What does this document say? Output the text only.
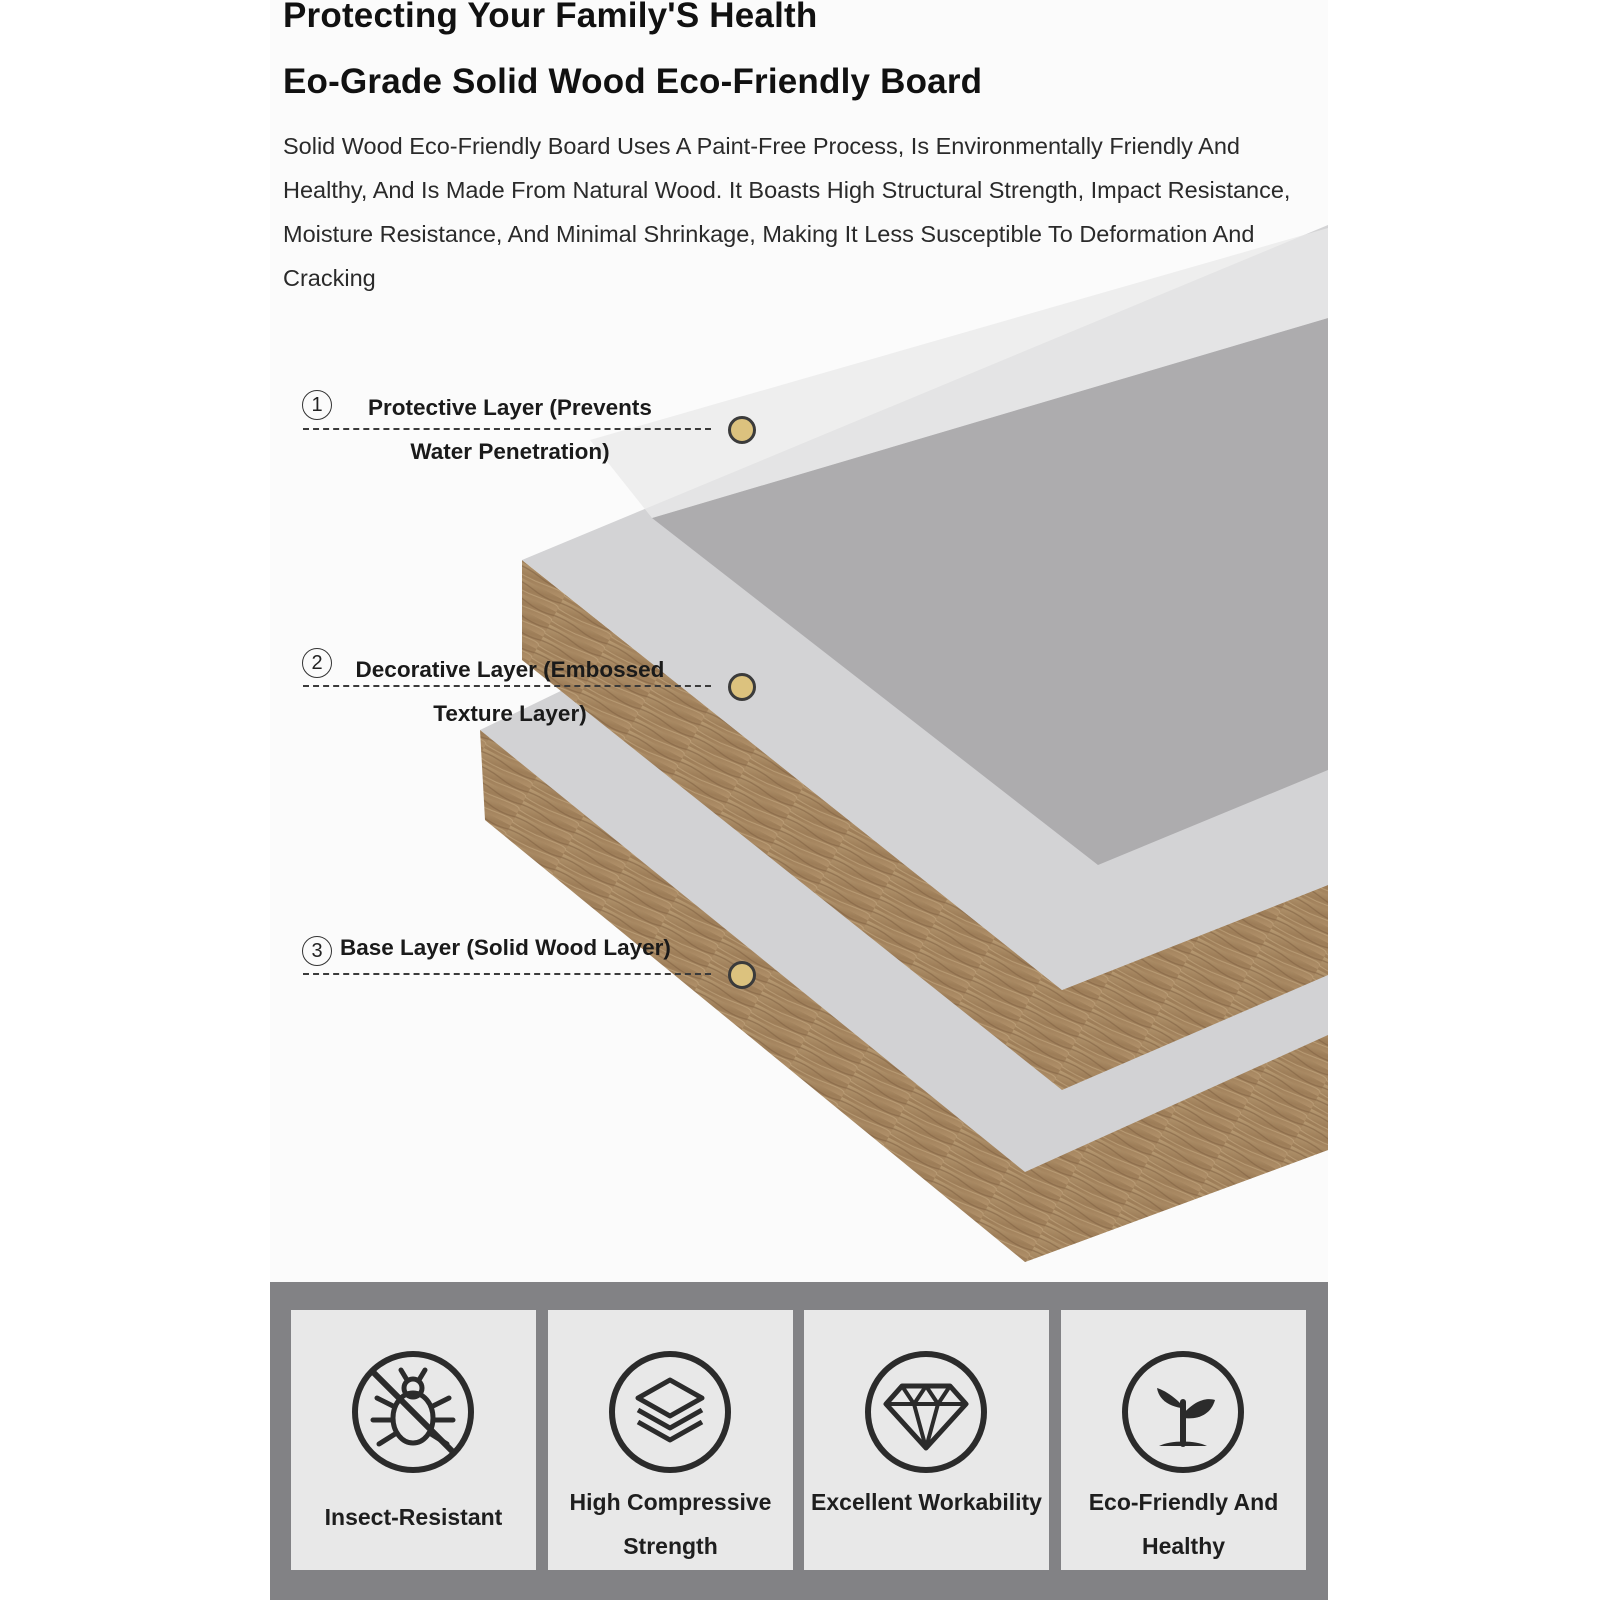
Protecting Your Family'S Health
Eo-Grade Solid Wood Eco-Friendly Board

Solid Wood Eco-Friendly Board Uses A Paint-Free Process, Is Environmentally Friendly And Healthy, And Is Made From Natural Wood. It Boasts High Structural Strength, Impact Resistance, Moisture Resistance, And Minimal Shrinkage, Making It Less Susceptible To Deformation And Cracking

1	Protective Layer (Prevents Water Penetration)
2	Decorative Layer (Embossed Texture Layer)
3 Base Layer (Solid Wood Layer)
Insect-Resistant
High Compressive Strength
Excellent Workability	Eco-Friendly And Healthy
